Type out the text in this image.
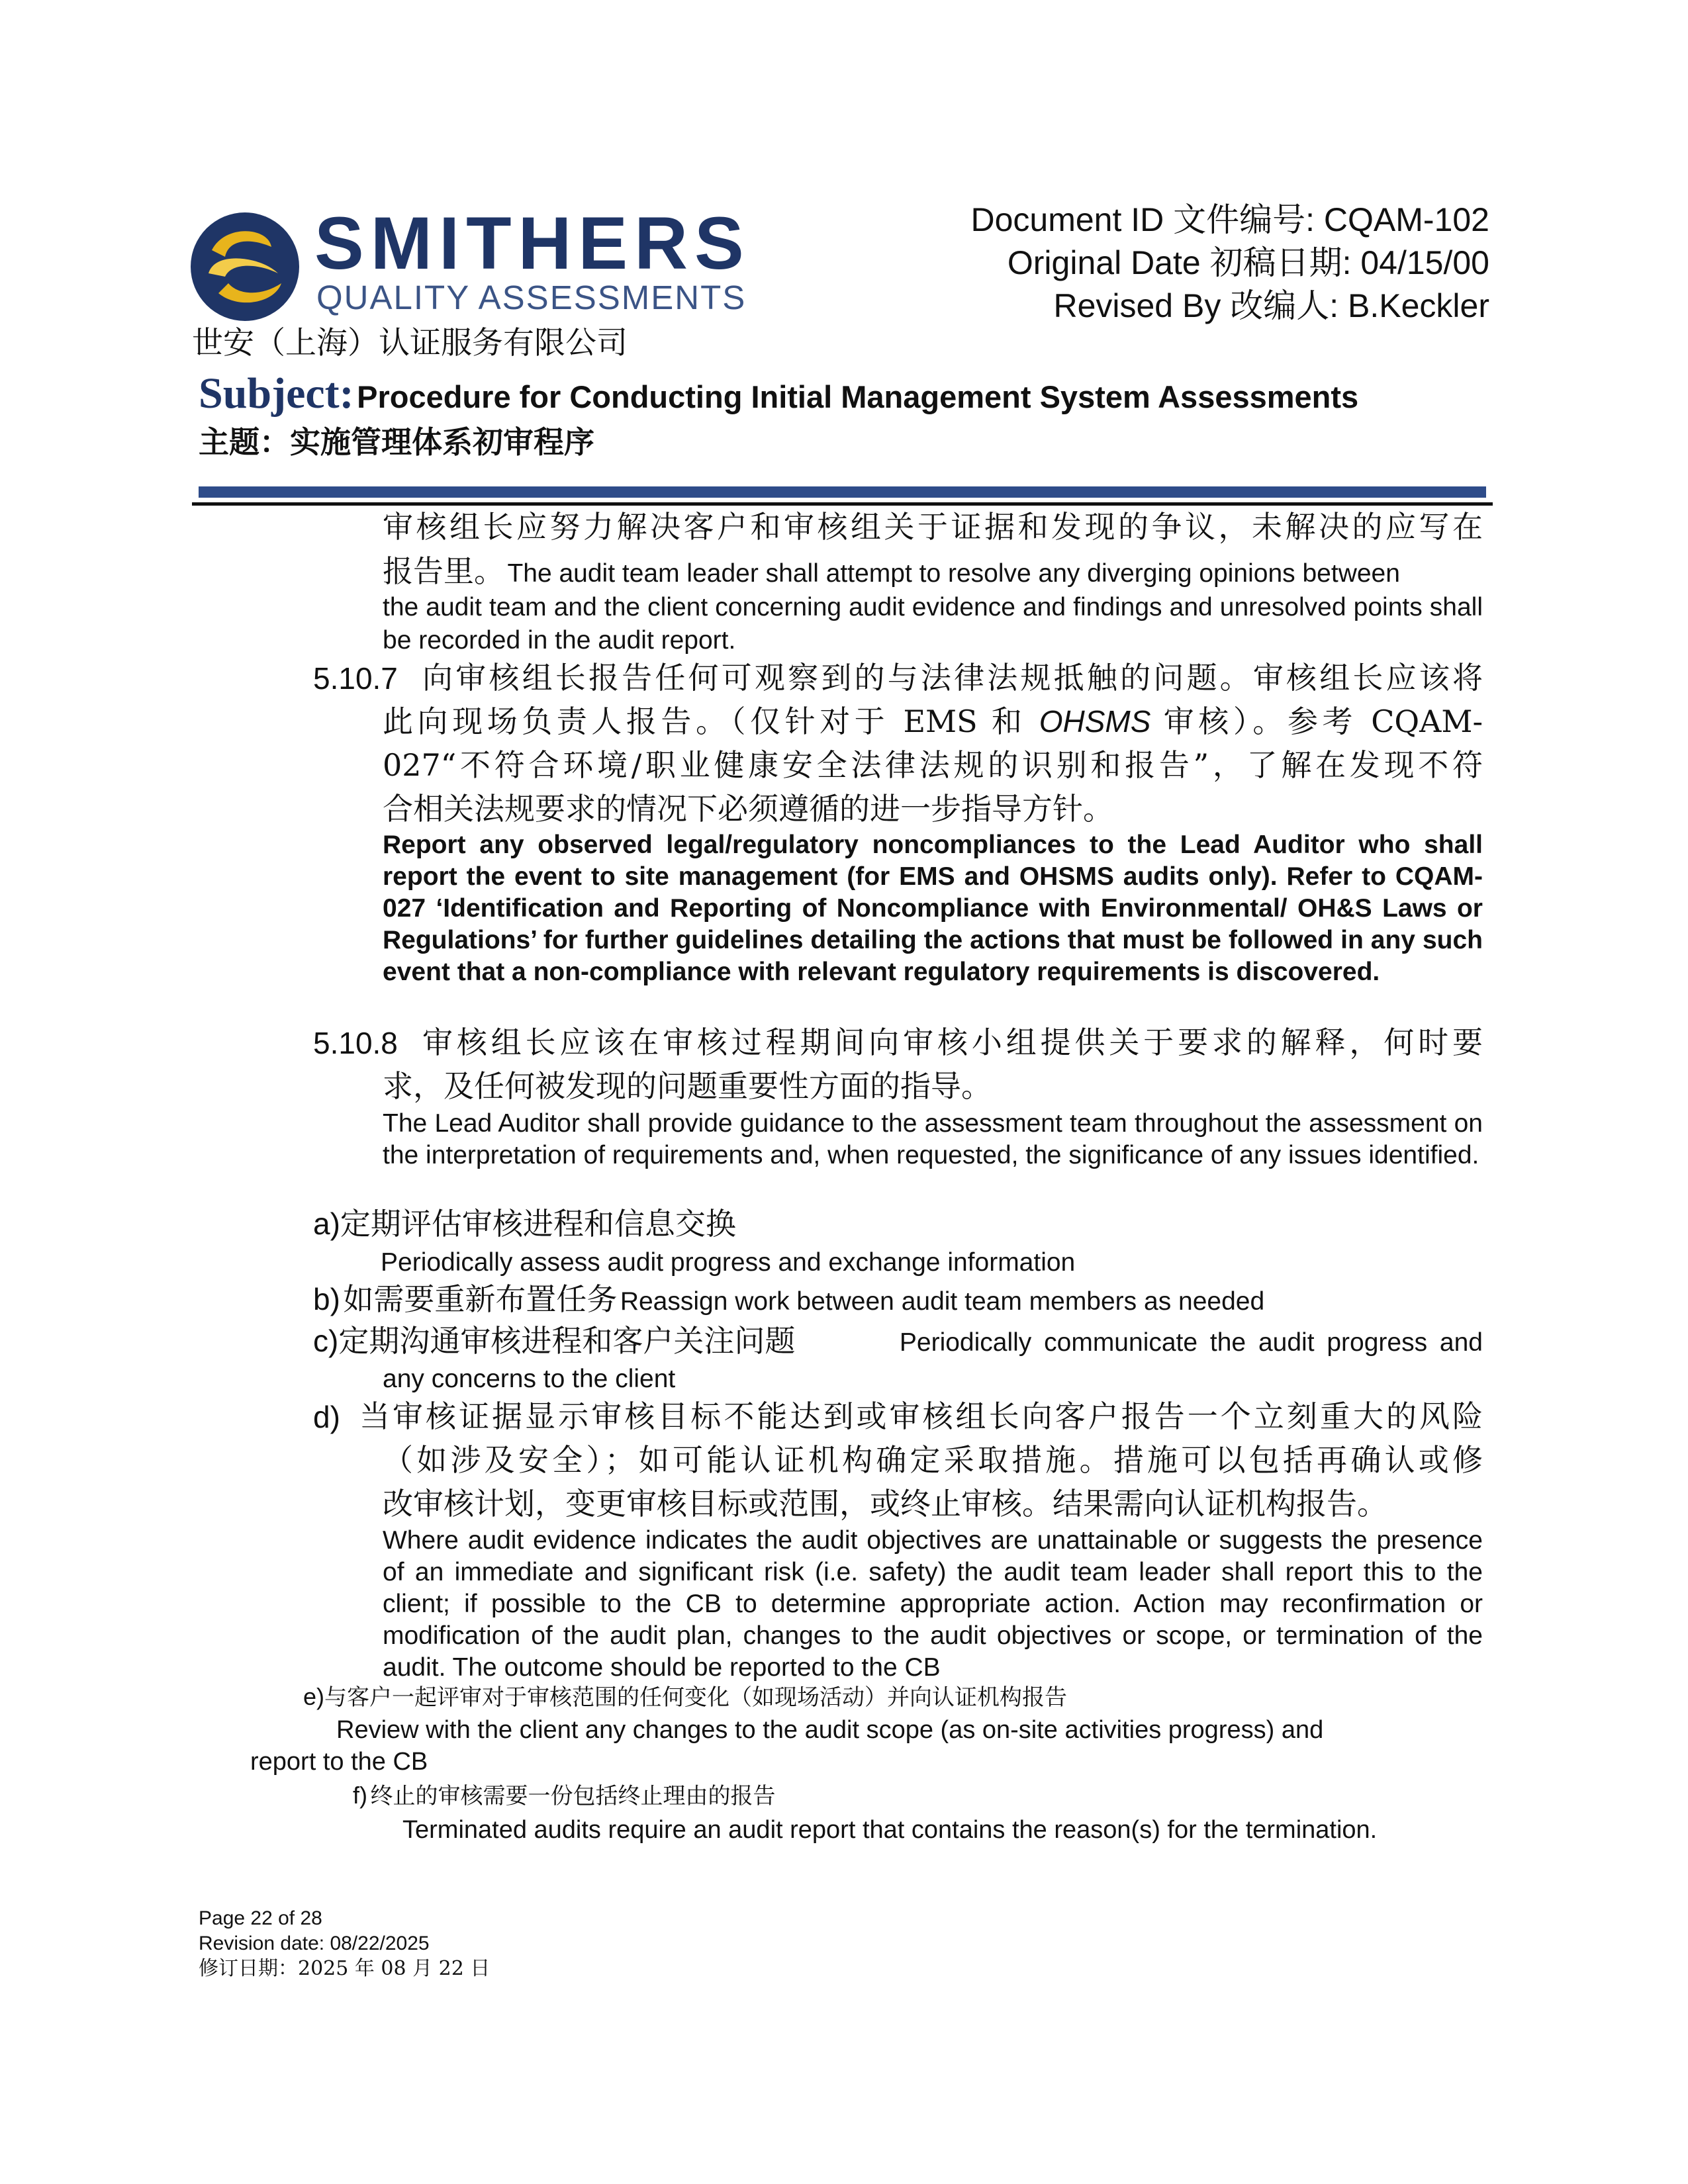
SMITHERS
QUALITY ASSESSMENTS
世安（上海）认证服务有限公司
Document ID 文件编号: CQAM-102
Original Date 初稿日期: 04/15/00
Revised By 改编人: B.Keckler
Subject: Procedure for Conducting Initial Management System Assessments
主题：实施管理体系初审程序
审核组长应努力解决客户和审核组关于证据和发现的争议，未解决的应写在
报告里。 The audit team leader shall attempt to resolve any diverging opinions between
the audit team and the client concerning audit evidence and findings and unresolved points shall be recorded in the audit report.
5.10.7 向审核组长报告任何可观察到的与法律法规抵触的问题。审核组长应该将
此向现场负责人报告。（仅针对于 EMS 和 OHSMS 审核）。参考 CQAM-
027“不符合环境/职业健康安全法律法规的识别和报告”，了解在发现不符
合相关法规要求的情况下必须遵循的进一步指导方针。
Report any observed legal/regulatory noncompliances to the Lead Auditor who shall report the event to site management (for EMS and OHSMS audits only). Refer to CQAM-027 ‘Identification and Reporting of Noncompliance with Environmental/ OH&S Laws or Regulations’ for further guidelines detailing the actions that must be followed in any such event that a non-compliance with relevant regulatory requirements is discovered.
5.10.8 审核组长应该在审核过程期间向审核小组提供关于要求的解释，何时要
求，及任何被发现的问题重要性方面的指导。
The Lead Auditor shall provide guidance to the assessment team throughout the assessment on the interpretation of requirements and, when requested, the significance of any issues identified.
a)定期评估审核进程和信息交换
Periodically assess audit progress and exchange information
b) 如需要重新布置任务 Reassign work between audit team members as needed
c)定期沟通审核进程和客户关注问题	Periodically communicate the audit progress and
any concerns to the client
d) 当审核证据显示审核目标不能达到或审核组长向客户报告一个立刻重大的风险
（如涉及安全）；如可能认证机构确定采取措施。措施可以包括再确认或修
改审核计划，变更审核目标或范围，或终止审核。结果需向认证机构报告。
Where audit evidence indicates the audit objectives are unattainable or suggests the presence of an immediate and significant risk (i.e. safety) the audit team leader shall report this to the client; if possible to the CB to determine appropriate action. Action may reconfirmation or modification of the audit plan, changes to the audit objectives or scope, or termination of the audit. The outcome should be reported to the CB
e)与客户一起评审对于审核范围的任何变化（如现场活动）并向认证机构报告
Review with the client any changes to the audit scope (as on-site activities progress) and
report to the CB
f) 终止的审核需要一份包括终止理由的报告
Terminated audits require an audit report that contains the reason(s) for the termination.
Page 22 of 28
Revision date: 08/22/2025
修订日期：2025 年 08 月 22 日
